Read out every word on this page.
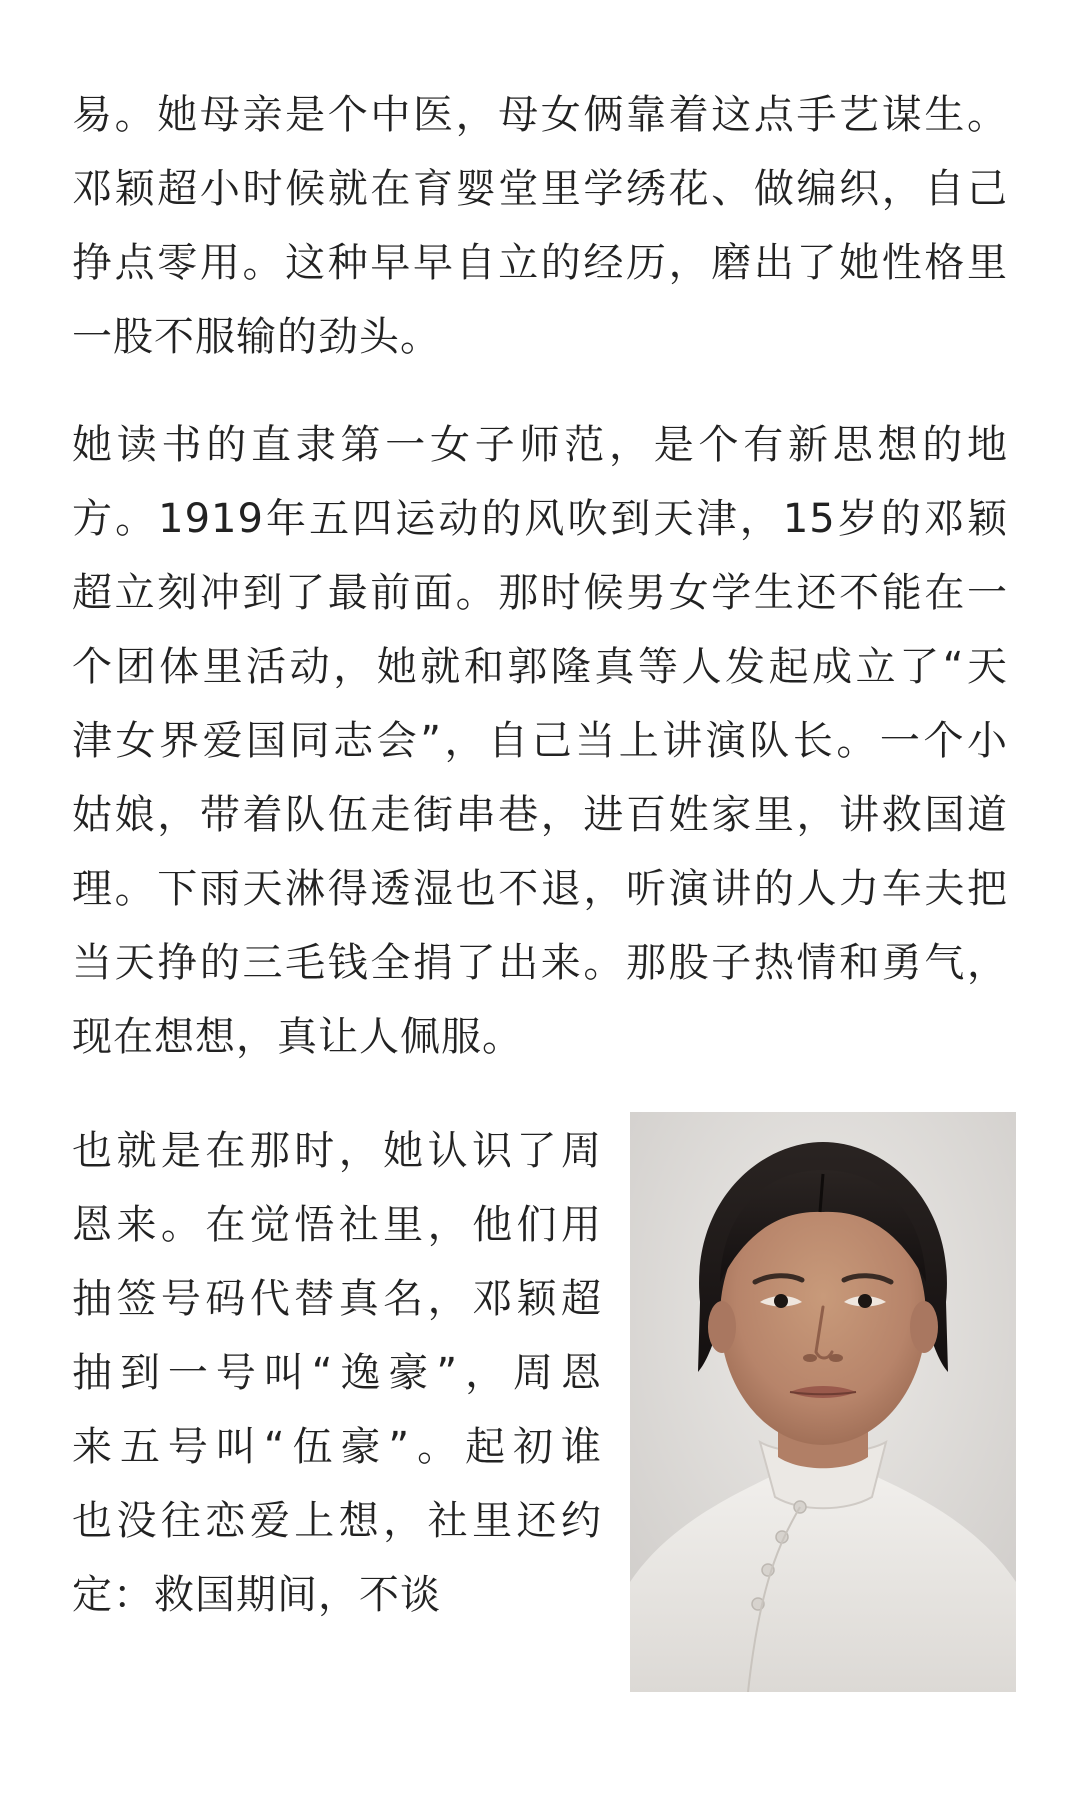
易。她母亲是个中医，母女俩靠着这点手艺谋生。
邓颖超小时候就在育婴堂里学绣花、做编织，自己
挣点零用。这种早早自立的经历，磨出了她性格里
一股不服输的劲头。

她读书的直隶第一女子师范，是个有新思想的地
方。1919年五四运动的风吹到天津，15岁的邓颖
超立刻冲到了最前面。那时候男女学生还不能在一
个团体里活动，她就和郭隆真等人发起成立了“天
津女界爱国同志会”，自己当上讲演队长。一个小
姑娘，带着队伍走街串巷，进百姓家里，讲救国道
理。下雨天淋得透湿也不退，听演讲的人力车夫把
当天挣的三毛钱全捐了出来。那股子热情和勇气，
现在想想，真让人佩服。

也就是在那时，她认识了周
恩来。在觉悟社里，他们用
抽签号码代替真名，邓颖超
抽到一号叫“逸豪”，周恩
来五号叫“伍豪”。起初谁
也没往恋爱上想，社里还约
定：救国期间，不谈
